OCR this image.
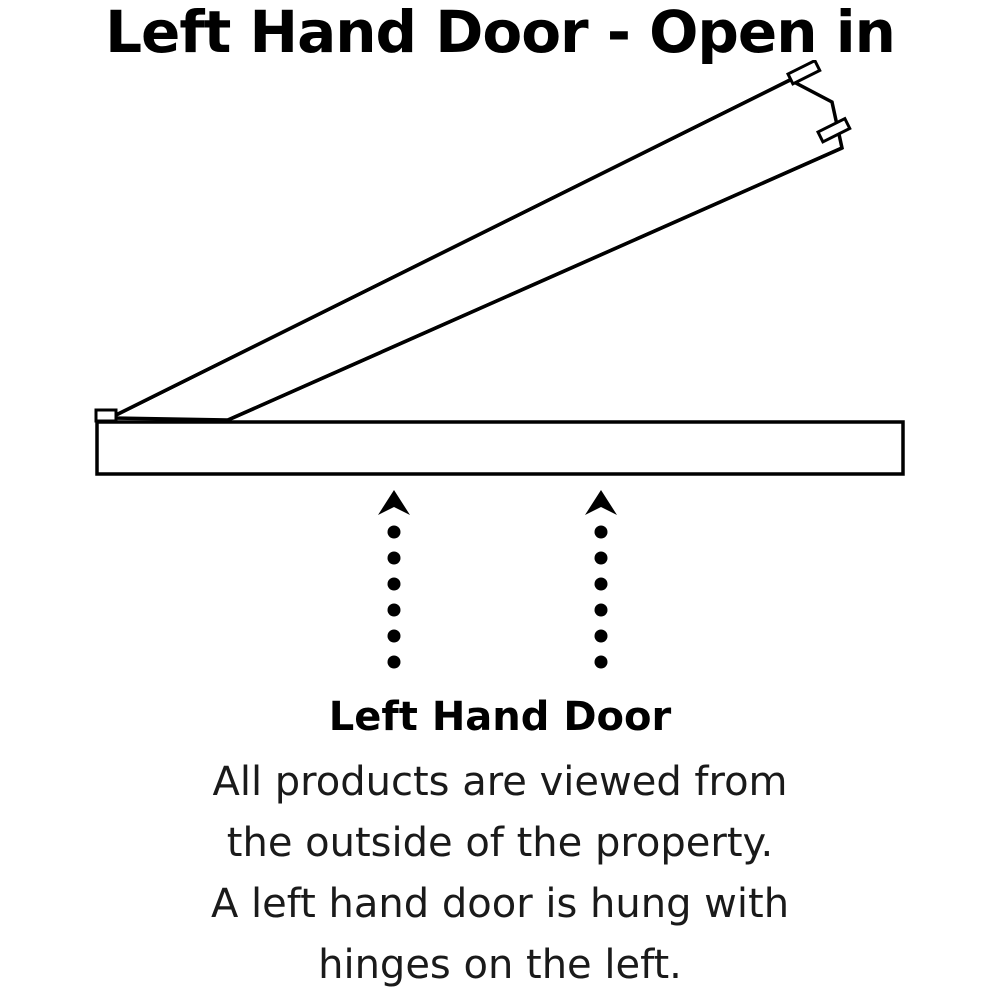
Left Hand Door - Open in
Left Hand Door
All products are viewed from
the outside of the property.
A left hand door is hung with
hinges on the left.
